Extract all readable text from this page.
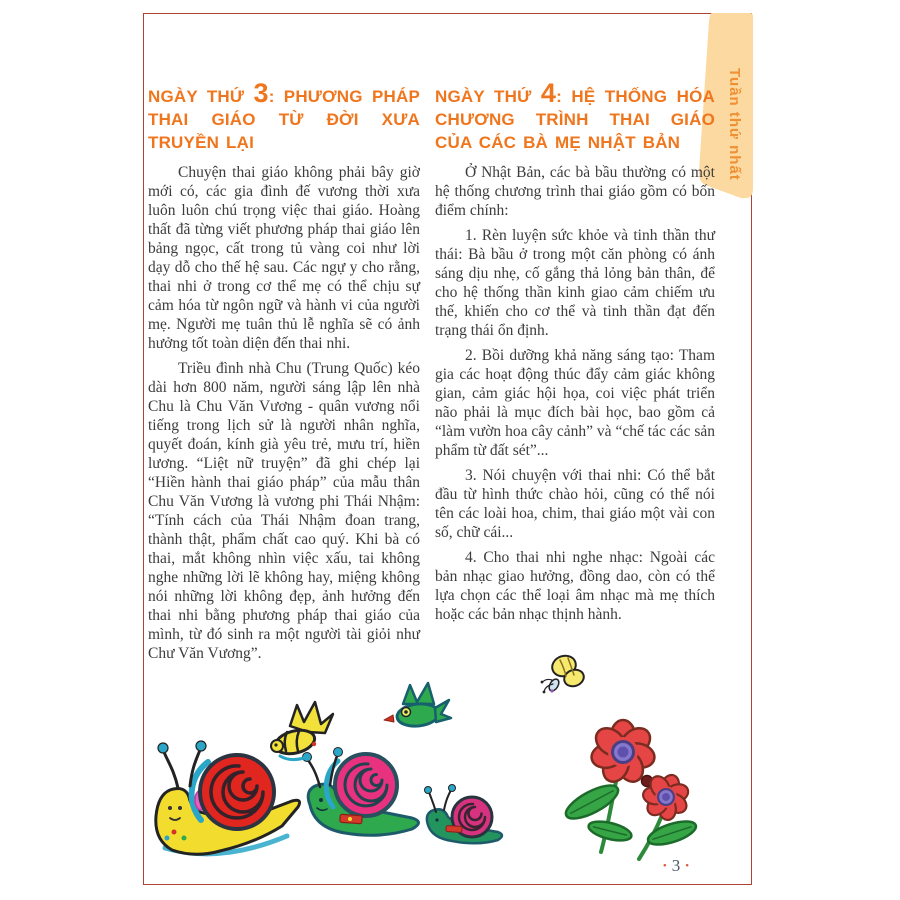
Tuần thứ nhất
NGÀY THỨ 3: PHƯƠNG PHÁP THAI GIÁO TỪ ĐỜI XƯA TRUYỀN LẠI

Chuyện thai giáo không phải bây giờ mới có, các gia đình đế vương thời xưa luôn luôn chú trọng việc thai giáo. Hoàng thất đã từng viết phương pháp thai giáo lên bảng ngọc, cất trong tủ vàng coi như lời dạy dỗ cho thế hệ sau. Các ngự y cho rằng, thai nhi ở trong cơ thể mẹ có thể chịu sự cảm hóa từ ngôn ngữ và hành vi của người mẹ. Người mẹ tuân thủ lễ nghĩa sẽ có ảnh hưởng tốt toàn diện đến thai nhi.

Triều đình nhà Chu (Trung Quốc) kéo dài hơn 800 năm, người sáng lập lên nhà Chu là Chu Văn Vương - quân vương nổi tiếng trong lịch sử là người nhân nghĩa, quyết đoán, kính già yêu trẻ, mưu trí, hiền lương. “Liệt nữ truyện” đã ghi chép lại “Hiền hành thai giáo pháp” của mẫu thân Chu Văn Vương là vương phi Thái Nhậm: “Tính cách của Thái Nhậm đoan trang, thành thật, phẩm chất cao quý. Khi bà có thai, mắt không nhìn việc xấu, tai không nghe những lời lẽ không hay, miệng không nói những lời không đẹp, ảnh hưởng đến thai nhi bằng phương pháp thai giáo của mình, từ đó sinh ra một người tài giỏi như Chư Văn Vương”.

NGÀY THỨ 4: HỆ THỐNG HÓA CHƯƠNG TRÌNH THAI GIÁO CỦA CÁC BÀ MẸ NHẬT BẢN

Ở Nhật Bản, các bà bầu thường có một hệ thống chương trình thai giáo gồm có bốn điểm chính:

1. Rèn luyện sức khỏe và tinh thần thư thái: Bà bầu ở trong một căn phòng có ánh sáng dịu nhẹ, cố gắng thả lỏng bản thân, để cho hệ thống thần kinh giao cảm chiếm ưu thế, khiến cho cơ thể và tinh thần đạt đến trạng thái ổn định.

2. Bồi dưỡng khả năng sáng tạo: Tham gia các hoạt động thúc đẩy cảm giác không gian, cảm giác hội họa, coi việc phát triển não phải là mục đích bài học, bao gồm cả “làm vườn hoa cây cảnh” và “chế tác các sản phẩm từ đất sét”...

3. Nói chuyện với thai nhi: Có thể bắt đầu từ hình thức chào hỏi, cũng có thể nói tên các loài hoa, chim, thai giáo một vài con số, chữ cái...

4. Cho thai nhi nghe nhạc: Ngoài các bản nhạc giao hưởng, đồng dao, còn có thể lựa chọn các thể loại âm nhạc mà mẹ thích hoặc các bản nhạc thịnh hành.

• 3 •
